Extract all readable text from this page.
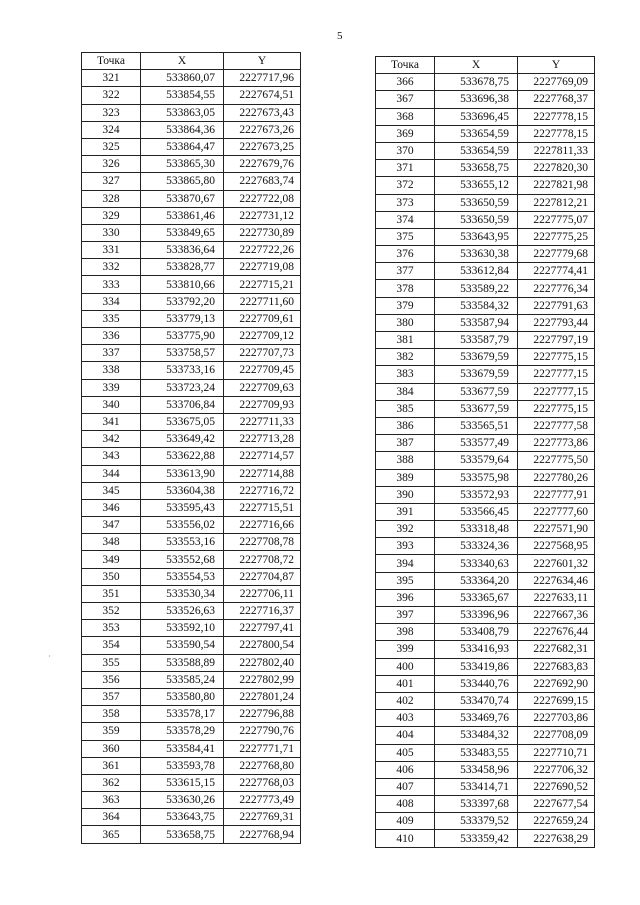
5
·
Точка	X	Y
321	533860,07	2227717,96
322	533854,55	2227674,51
323	533863,05	2227673,43
324	533864,36	2227673,26
325	533864,47	2227673,25
326	533865,30	2227679,76
327	533865,80	2227683,74
328	533870,67	2227722,08
329	533861,46	2227731,12
330	533849,65	2227730,89
331	533836,64	2227722,26
332	533828,77	2227719,08
333	533810,66	2227715,21
334	533792,20	2227711,60
335	533779,13	2227709,61
336	533775,90	2227709,12
337	533758,57	2227707,73
338	533733,16	2227709,45
339	533723,24	2227709,63
340	533706,84	2227709,93
341	533675,05	2227711,33
342	533649,42	2227713,28
343	533622,88	2227714,57
344	533613,90	2227714,88
345	533604,38	2227716,72
346	533595,43	2227715,51
347	533556,02	2227716,66
348	533553,16	2227708,78
349	533552,68	2227708,72
350	533554,53	2227704,87
351	533530,34	2227706,11
352	533526,63	2227716,37
353	533592,10	2227797,41
354	533590,54	2227800,54
355	533588,89	2227802,40
356	533585,24	2227802,99
357	533580,80	2227801,24
358	533578,17	2227796,88
359	533578,29	2227790,76
360	533584,41	2227771,71
361	533593,78	2227768,80
362	533615,15	2227768,03
363	533630,26	2227773,49
364	533643,75	2227769,31
365	533658,75	2227768,94
Точка	X	Y
366	533678,75	2227769,09
367	533696,38	2227768,37
368	533696,45	2227778,15
369	533654,59	2227778,15
370	533654,59	2227811,33
371	533658,75	2227820,30
372	533655,12	2227821,98
373	533650,59	2227812,21
374	533650,59	2227775,07
375	533643,95	2227775,25
376	533630,38	2227779,68
377	533612,84	2227774,41
378	533589,22	2227776,34
379	533584,32	2227791,63
380	533587,94	2227793,44
381	533587,79	2227797,19
382	533679,59	2227775,15
383	533679,59	2227777,15
384	533677,59	2227777,15
385	533677,59	2227775,15
386	533565,51	2227777,58
387	533577,49	2227773,86
388	533579,64	2227775,50
389	533575,98	2227780,26
390	533572,93	2227777,91
391	533566,45	2227777,60
392	533318,48	2227571,90
393	533324,36	2227568,95
394	533340,63	2227601,32
395	533364,20	2227634,46
396	533365,67	2227633,11
397	533396,96	2227667,36
398	533408,79	2227676,44
399	533416,93	2227682,31
400	533419,86	2227683,83
401	533440,76	2227692,90
402	533470,74	2227699,15
403	533469,76	2227703,86
404	533484,32	2227708,09
405	533483,55	2227710,71
406	533458,96	2227706,32
407	533414,71	2227690,52
408	533397,68	2227677,54
409	533379,52	2227659,24
410	533359,42	2227638,29
